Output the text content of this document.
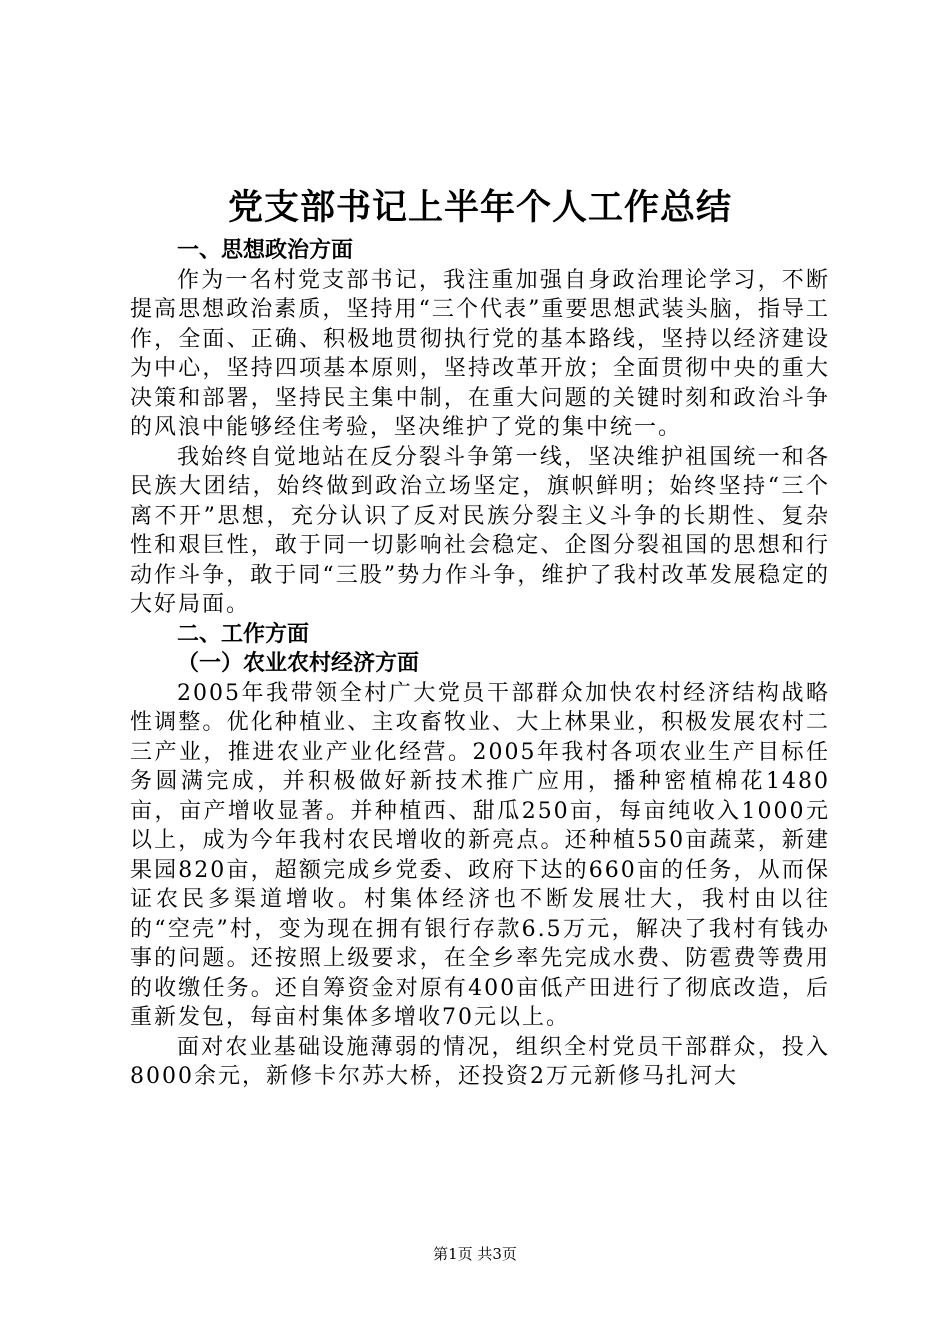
党支部书记上半年个人工作总结

一、思想政治方面

作为一名村党支部书记，我注重加强自身政治理论学习，不断提高思想政治素质，坚持用“三个代表”重要思想武装头脑，指导工作，全面、正确、积极地贯彻执行党的基本路线，坚持以经济建设为中心，坚持四项基本原则，坚持改革开放；全面贯彻中央的重大决策和部署，坚持民主集中制，在重大问题的关键时刻和政治斗争的风浪中能够经住考验，坚决维护了党的集中统一。

我始终自觉地站在反分裂斗争第一线，坚决维护祖国统一和各民族大团结，始终做到政治立场坚定，旗帜鲜明；始终坚持“三个离不开”思想，充分认识了反对民族分裂主义斗争的长期性、复杂性和艰巨性，敢于同一切影响社会稳定、企图分裂祖国的思想和行动作斗争，敢于同“三股”势力作斗争，维护了我村改革发展稳定的大好局面。

二、工作方面

（一）农业农村经济方面

2005年我带领全村广大党员干部群众加快农村经济结构战略性调整。优化种植业、主攻畜牧业、大上林果业，积极发展农村二三产业，推进农业产业化经营。2005年我村各项农业生产目标任务圆满完成，并积极做好新技术推广应用，播种密植棉花1480亩，亩产增收显著。并种植西、甜瓜250亩，每亩纯收入1000元以上，成为今年我村农民增收的新亮点。还种植550亩蔬菜，新建果园820亩，超额完成乡党委、政府下达的660亩的任务，从而保证农民多渠道增收。村集体经济也不断发展壮大，我村由以往的“空壳”村，变为现在拥有银行存款6.5万元，解决了我村有钱办事的问题。还按照上级要求，在全乡率先完成水费、防雹费等费用的收缴任务。还自筹资金对原有400亩低产田进行了彻底改造，后重新发包，每亩村集体多增收70元以上。

面对农业基础设施薄弱的情况，组织全村党员干部群众，投入8000余元，新修卡尔苏大桥，还投资2万元新修马扎河大

第1页 共3页
